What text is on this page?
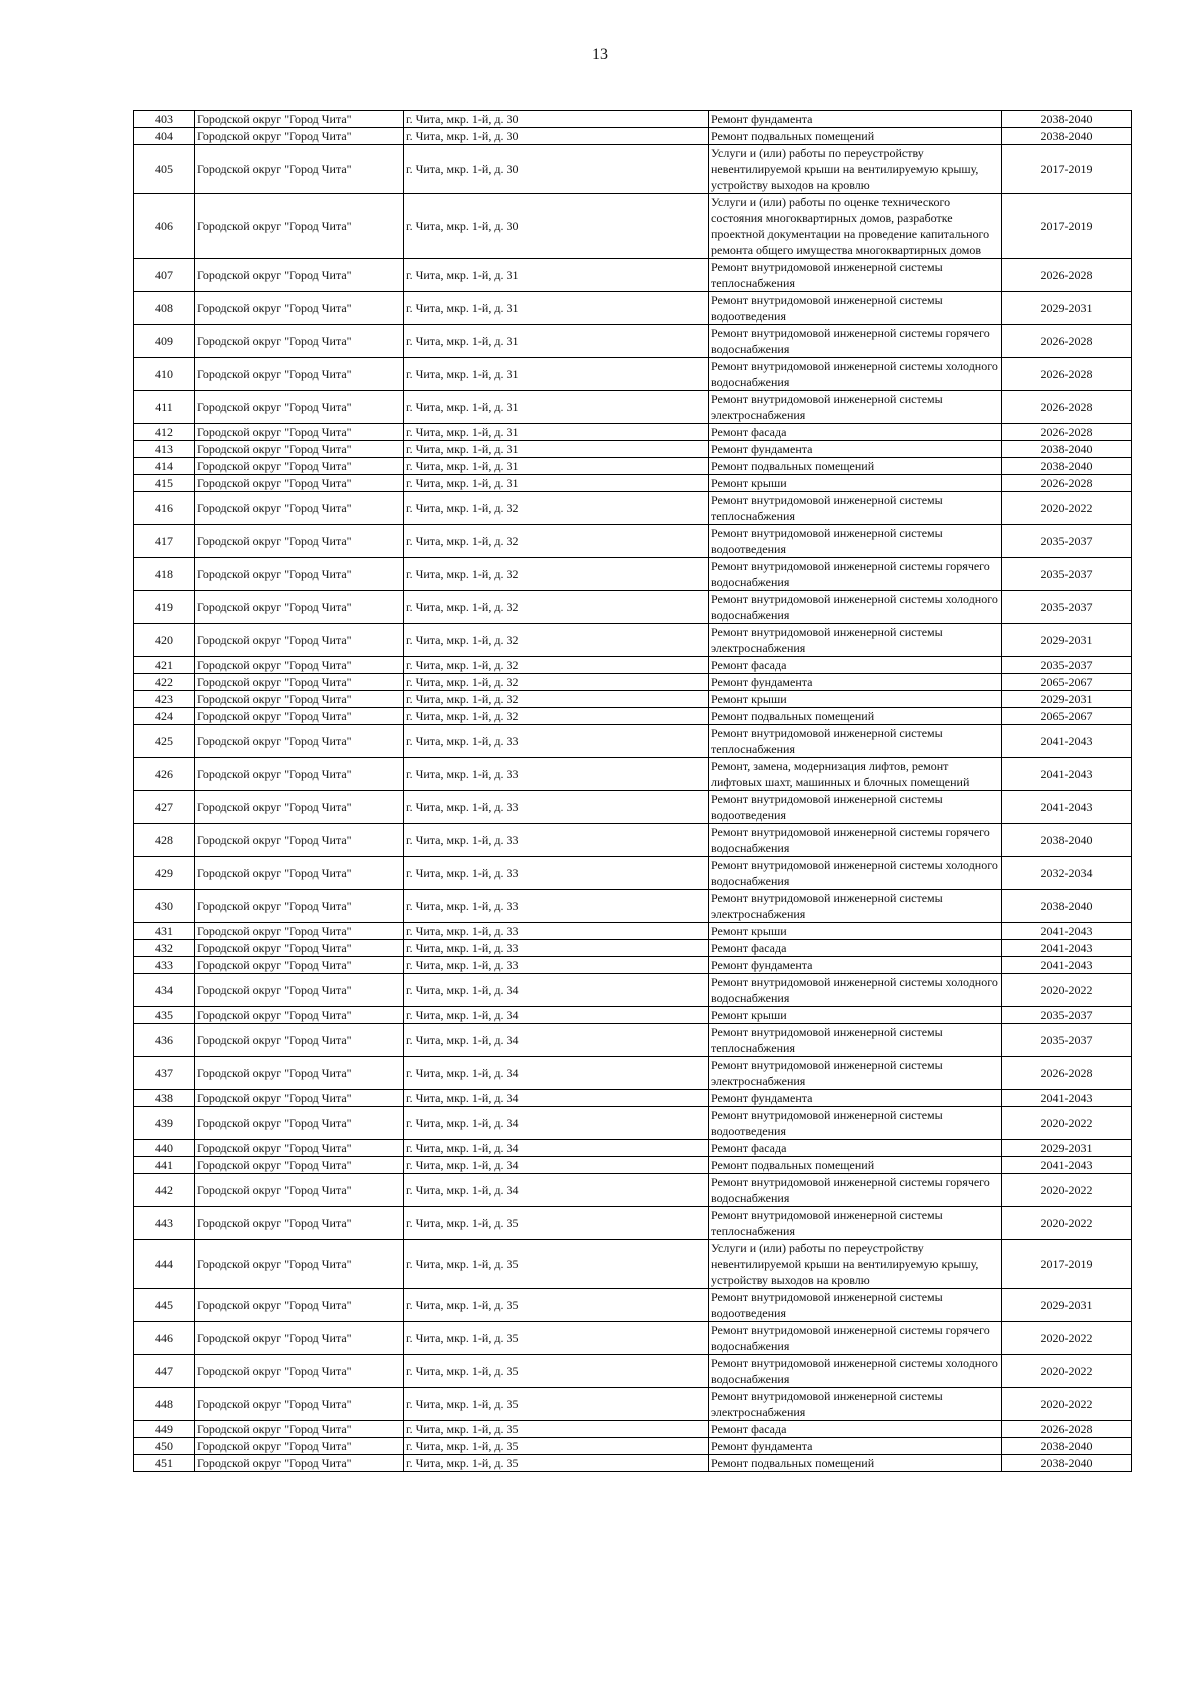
13
403	Городской округ "Город Чита"	г. Чита, мкр. 1-й, д. 30	Ремонт фундамента	2038-2040
404	Городской округ "Город Чита"	г. Чита, мкр. 1-й, д. 30	Ремонт подвальных помещений	2038-2040
405	Городской округ "Город Чита"	г. Чита, мкр. 1-й, д. 30	Услуги и (или) работы по переустройству невентилируемой крыши на вентилируемую крышу, устройству выходов на кровлю	2017-2019
406	Городской округ "Город Чита"	г. Чита, мкр. 1-й, д. 30	Услуги и (или) работы по оценке технического состояния многоквартирных домов, разработке проектной документации на проведение капитального ремонта общего имущества многоквартирных домов	2017-2019
407	Городской округ "Город Чита"	г. Чита, мкр. 1-й, д. 31	Ремонт внутридомовой инженерной системы теплоснабжения	2026-2028
408	Городской округ "Город Чита"	г. Чита, мкр. 1-й, д. 31	Ремонт внутридомовой инженерной системы водоотведения	2029-2031
409	Городской округ "Город Чита"	г. Чита, мкр. 1-й, д. 31	Ремонт внутридомовой инженерной системы горячего водоснабжения	2026-2028
410	Городской округ "Город Чита"	г. Чита, мкр. 1-й, д. 31	Ремонт внутридомовой инженерной системы холодного водоснабжения	2026-2028
411	Городской округ "Город Чита"	г. Чита, мкр. 1-й, д. 31	Ремонт внутридомовой инженерной системы электроснабжения	2026-2028
412	Городской округ "Город Чита"	г. Чита, мкр. 1-й, д. 31	Ремонт фасада	2026-2028
413	Городской округ "Город Чита"	г. Чита, мкр. 1-й, д. 31	Ремонт фундамента	2038-2040
414	Городской округ "Город Чита"	г. Чита, мкр. 1-й, д. 31	Ремонт подвальных помещений	2038-2040
415	Городской округ "Город Чита"	г. Чита, мкр. 1-й, д. 31	Ремонт крыши	2026-2028
416	Городской округ "Город Чита"	г. Чита, мкр. 1-й, д. 32	Ремонт внутридомовой инженерной системы теплоснабжения	2020-2022
417	Городской округ "Город Чита"	г. Чита, мкр. 1-й, д. 32	Ремонт внутридомовой инженерной системы водоотведения	2035-2037
418	Городской округ "Город Чита"	г. Чита, мкр. 1-й, д. 32	Ремонт внутридомовой инженерной системы горячего водоснабжения	2035-2037
419	Городской округ "Город Чита"	г. Чита, мкр. 1-й, д. 32	Ремонт внутридомовой инженерной системы холодного водоснабжения	2035-2037
420	Городской округ "Город Чита"	г. Чита, мкр. 1-й, д. 32	Ремонт внутридомовой инженерной системы электроснабжения	2029-2031
421	Городской округ "Город Чита"	г. Чита, мкр. 1-й, д. 32	Ремонт фасада	2035-2037
422	Городской округ "Город Чита"	г. Чита, мкр. 1-й, д. 32	Ремонт фундамента	2065-2067
423	Городской округ "Город Чита"	г. Чита, мкр. 1-й, д. 32	Ремонт крыши	2029-2031
424	Городской округ "Город Чита"	г. Чита, мкр. 1-й, д. 32	Ремонт подвальных помещений	2065-2067
425	Городской округ "Город Чита"	г. Чита, мкр. 1-й, д. 33	Ремонт внутридомовой инженерной системы теплоснабжения	2041-2043
426	Городской округ "Город Чита"	г. Чита, мкр. 1-й, д. 33	Ремонт, замена, модернизация лифтов, ремонт лифтовых шахт, машинных и блочных помещений	2041-2043
427	Городской округ "Город Чита"	г. Чита, мкр. 1-й, д. 33	Ремонт внутридомовой инженерной системы водоотведения	2041-2043
428	Городской округ "Город Чита"	г. Чита, мкр. 1-й, д. 33	Ремонт внутридомовой инженерной системы горячего водоснабжения	2038-2040
429	Городской округ "Город Чита"	г. Чита, мкр. 1-й, д. 33	Ремонт внутридомовой инженерной системы холодного водоснабжения	2032-2034
430	Городской округ "Город Чита"	г. Чита, мкр. 1-й, д. 33	Ремонт внутридомовой инженерной системы электроснабжения	2038-2040
431	Городской округ "Город Чита"	г. Чита, мкр. 1-й, д. 33	Ремонт крыши	2041-2043
432	Городской округ "Город Чита"	г. Чита, мкр. 1-й, д. 33	Ремонт фасада	2041-2043
433	Городской округ "Город Чита"	г. Чита, мкр. 1-й, д. 33	Ремонт фундамента	2041-2043
434	Городской округ "Город Чита"	г. Чита, мкр. 1-й, д. 34	Ремонт внутридомовой инженерной системы холодного водоснабжения	2020-2022
435	Городской округ "Город Чита"	г. Чита, мкр. 1-й, д. 34	Ремонт крыши	2035-2037
436	Городской округ "Город Чита"	г. Чита, мкр. 1-й, д. 34	Ремонт внутридомовой инженерной системы теплоснабжения	2035-2037
437	Городской округ "Город Чита"	г. Чита, мкр. 1-й, д. 34	Ремонт внутридомовой инженерной системы электроснабжения	2026-2028
438	Городской округ "Город Чита"	г. Чита, мкр. 1-й, д. 34	Ремонт фундамента	2041-2043
439	Городской округ "Город Чита"	г. Чита, мкр. 1-й, д. 34	Ремонт внутридомовой инженерной системы водоотведения	2020-2022
440	Городской округ "Город Чита"	г. Чита, мкр. 1-й, д. 34	Ремонт фасада	2029-2031
441	Городской округ "Город Чита"	г. Чита, мкр. 1-й, д. 34	Ремонт подвальных помещений	2041-2043
442	Городской округ "Город Чита"	г. Чита, мкр. 1-й, д. 34	Ремонт внутридомовой инженерной системы горячего водоснабжения	2020-2022
443	Городской округ "Город Чита"	г. Чита, мкр. 1-й, д. 35	Ремонт внутридомовой инженерной системы теплоснабжения	2020-2022
444	Городской округ "Город Чита"	г. Чита, мкр. 1-й, д. 35	Услуги и (или) работы по переустройству невентилируемой крыши на вентилируемую крышу, устройству выходов на кровлю	2017-2019
445	Городской округ "Город Чита"	г. Чита, мкр. 1-й, д. 35	Ремонт внутридомовой инженерной системы водоотведения	2029-2031
446	Городской округ "Город Чита"	г. Чита, мкр. 1-й, д. 35	Ремонт внутридомовой инженерной системы горячего водоснабжения	2020-2022
447	Городской округ "Город Чита"	г. Чита, мкр. 1-й, д. 35	Ремонт внутридомовой инженерной системы холодного водоснабжения	2020-2022
448	Городской округ "Город Чита"	г. Чита, мкр. 1-й, д. 35	Ремонт внутридомовой инженерной системы электроснабжения	2020-2022
449	Городской округ "Город Чита"	г. Чита, мкр. 1-й, д. 35	Ремонт фасада	2026-2028
450	Городской округ "Город Чита"	г. Чита, мкр. 1-й, д. 35	Ремонт фундамента	2038-2040
451	Городской округ "Город Чита"	г. Чита, мкр. 1-й, д. 35	Ремонт подвальных помещений	2038-2040
